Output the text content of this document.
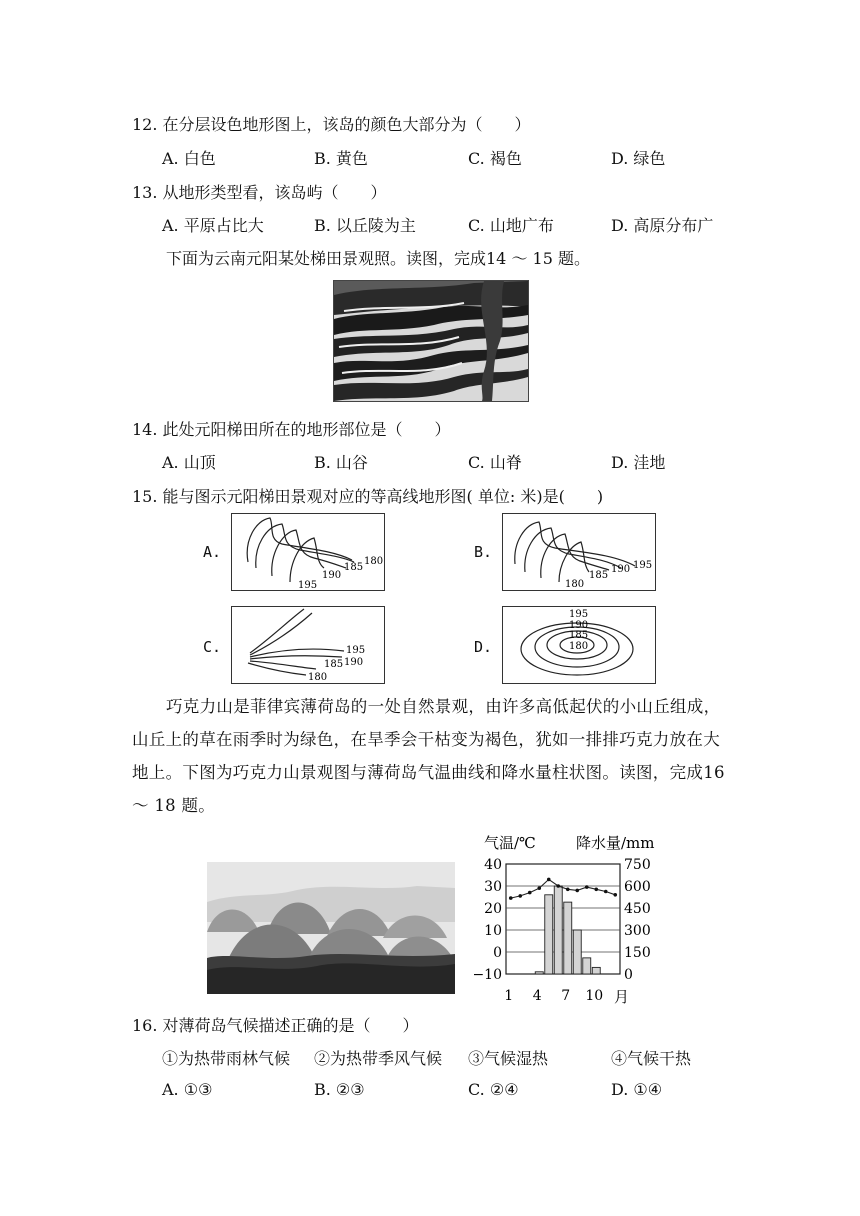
12. 在分层设色地形图上，该岛的颜色大部分为（　　）
A. 白色	B. 黄色	C. 褐色	D. 绿色
13. 从地形类型看，该岛屿（　　）
A. 平原占比大	B. 以丘陵为主	C. 山地广布	D. 高原分布广
下面为云南元阳某处梯田景观照。读图，完成14 ～ 15 题。
14. 此处元阳梯田所在的地形部位是（　　）
A. 山顶	B. 山谷	C. 山脊	D. 洼地
15. 能与图示元阳梯田景观对应的等高线地形图( 单位: 米)是(　　)
A.
195
190
185
180
B.
180
185
190 195
C.	195
185 190
180
D.
195
190
185
180
巧克力山是菲律宾薄荷岛的一处自然景观，由许多高低起伏的小山丘组成，山丘上的草在雨季时为绿色，在旱季会干枯变为褐色，犹如一排排巧克力放在大地上。下图为巧克力山景观图与薄荷岛气温曲线和降水量柱状图。读图，完成16 ～ 18 题。
气温/℃	降水量/mm
40
30
20
10
0
−10
750
600
450
300
150
0
1 4 7 10 月
16. 对薄荷岛气候描述正确的是（　　）
①为热带雨林气候 ②为热带季风气候 ③气候湿热	④气候干热
A. ①③	B. ②③	C. ②④	D. ①④
